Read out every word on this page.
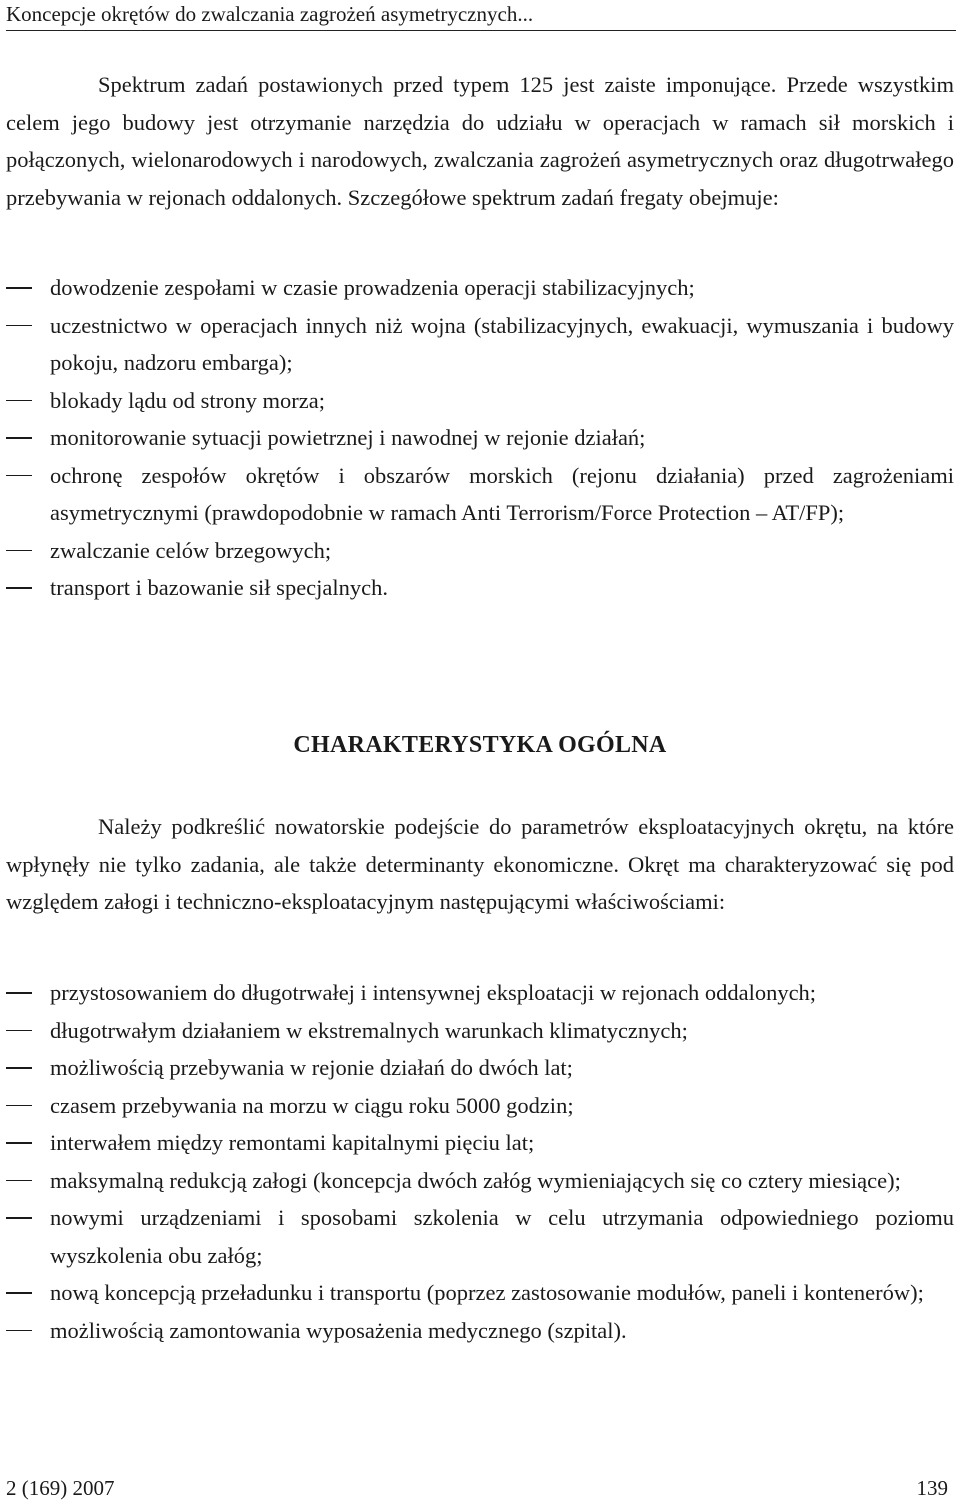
Koncepcje okrętów do zwalczania zagrożeń asymetrycznych...

Spektrum zadań postawionych przed typem 125 jest zaiste imponujące. Przede wszystkim celem jego budowy jest otrzymanie narzędzia do udziału w operacjach w ramach sił morskich i połączonych, wielonarodowych i narodowych, zwalczania zagrożeń asymetrycznych oraz długotrwałego przebywania w rejonach oddalonych. Szczegółowe spektrum zadań fregaty obejmuje:

dowodzenie zespołami w czasie prowadzenia operacji stabilizacyjnych;
uczestnictwo w operacjach innych niż wojna (stabilizacyjnych, ewakuacji, wymuszania i budowy pokoju, nadzoru embarga);
blokady lądu od strony morza;
monitorowanie sytuacji powietrznej i nawodnej w rejonie działań;
ochronę zespołów okrętów i obszarów morskich (rejonu działania) przed zagrożeniami asymetrycznymi (prawdopodobnie w ramach Anti Terrorism/Force Protection – AT/FP);
zwalczanie celów brzegowych;
transport i bazowanie sił specjalnych.
CHARAKTERYSTYKA OGÓLNA

Należy podkreślić nowatorskie podejście do parametrów eksploatacyjnych okrętu, na które wpłynęły nie tylko zadania, ale także determinanty ekonomiczne. Okręt ma charakteryzować się pod względem załogi i techniczno-eksploatacyjnym następującymi właściwościami:

przystosowaniem do długotrwałej i intensywnej eksploatacji w rejonach oddalonych;
długotrwałym działaniem w ekstremalnych warunkach klimatycznych;
możliwością przebywania w rejonie działań do dwóch lat;
czasem przebywania na morzu w ciągu roku 5000 godzin;
interwałem między remontami kapitalnymi pięciu lat;
maksymalną redukcją załogi (koncepcja dwóch załóg wymieniających się co cztery miesiące);
nowymi urządzeniami i sposobami szkolenia w celu utrzymania odpowiedniego poziomu wyszkolenia obu załóg;
nową koncepcją przeładunku i transportu (poprzez zastosowanie modułów, paneli i kontenerów);
możliwością zamontowania wyposażenia medycznego (szpital).
2 (169) 2007	139
